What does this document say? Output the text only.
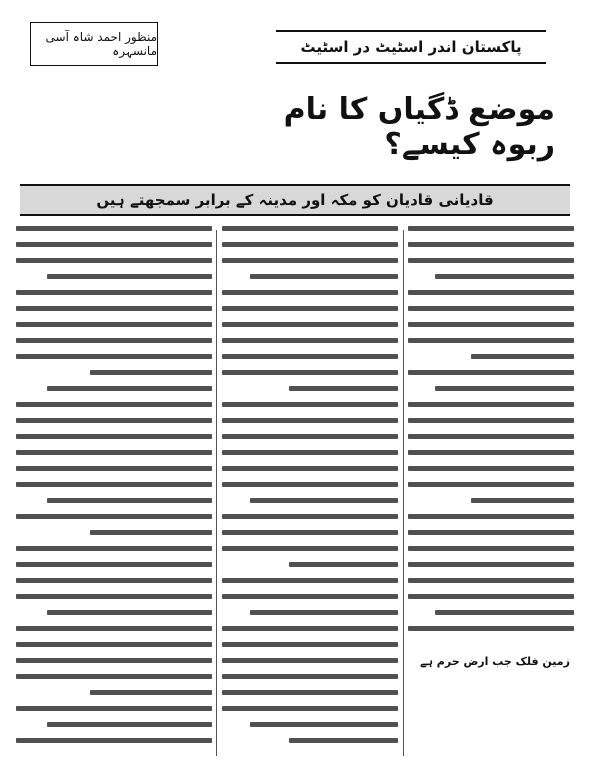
منظور احمد شاہ آسی مانسہرہ	پاکستان اندر اسٹیٹ در اسٹیٹ
موضع ڈگیاں کا نام ربوہ کیسے؟
قادیانی قادیان کو مکہ اور مدینہ کے برابر سمجھتے ہیں
زمین فلک جب ارض حرم ہے
